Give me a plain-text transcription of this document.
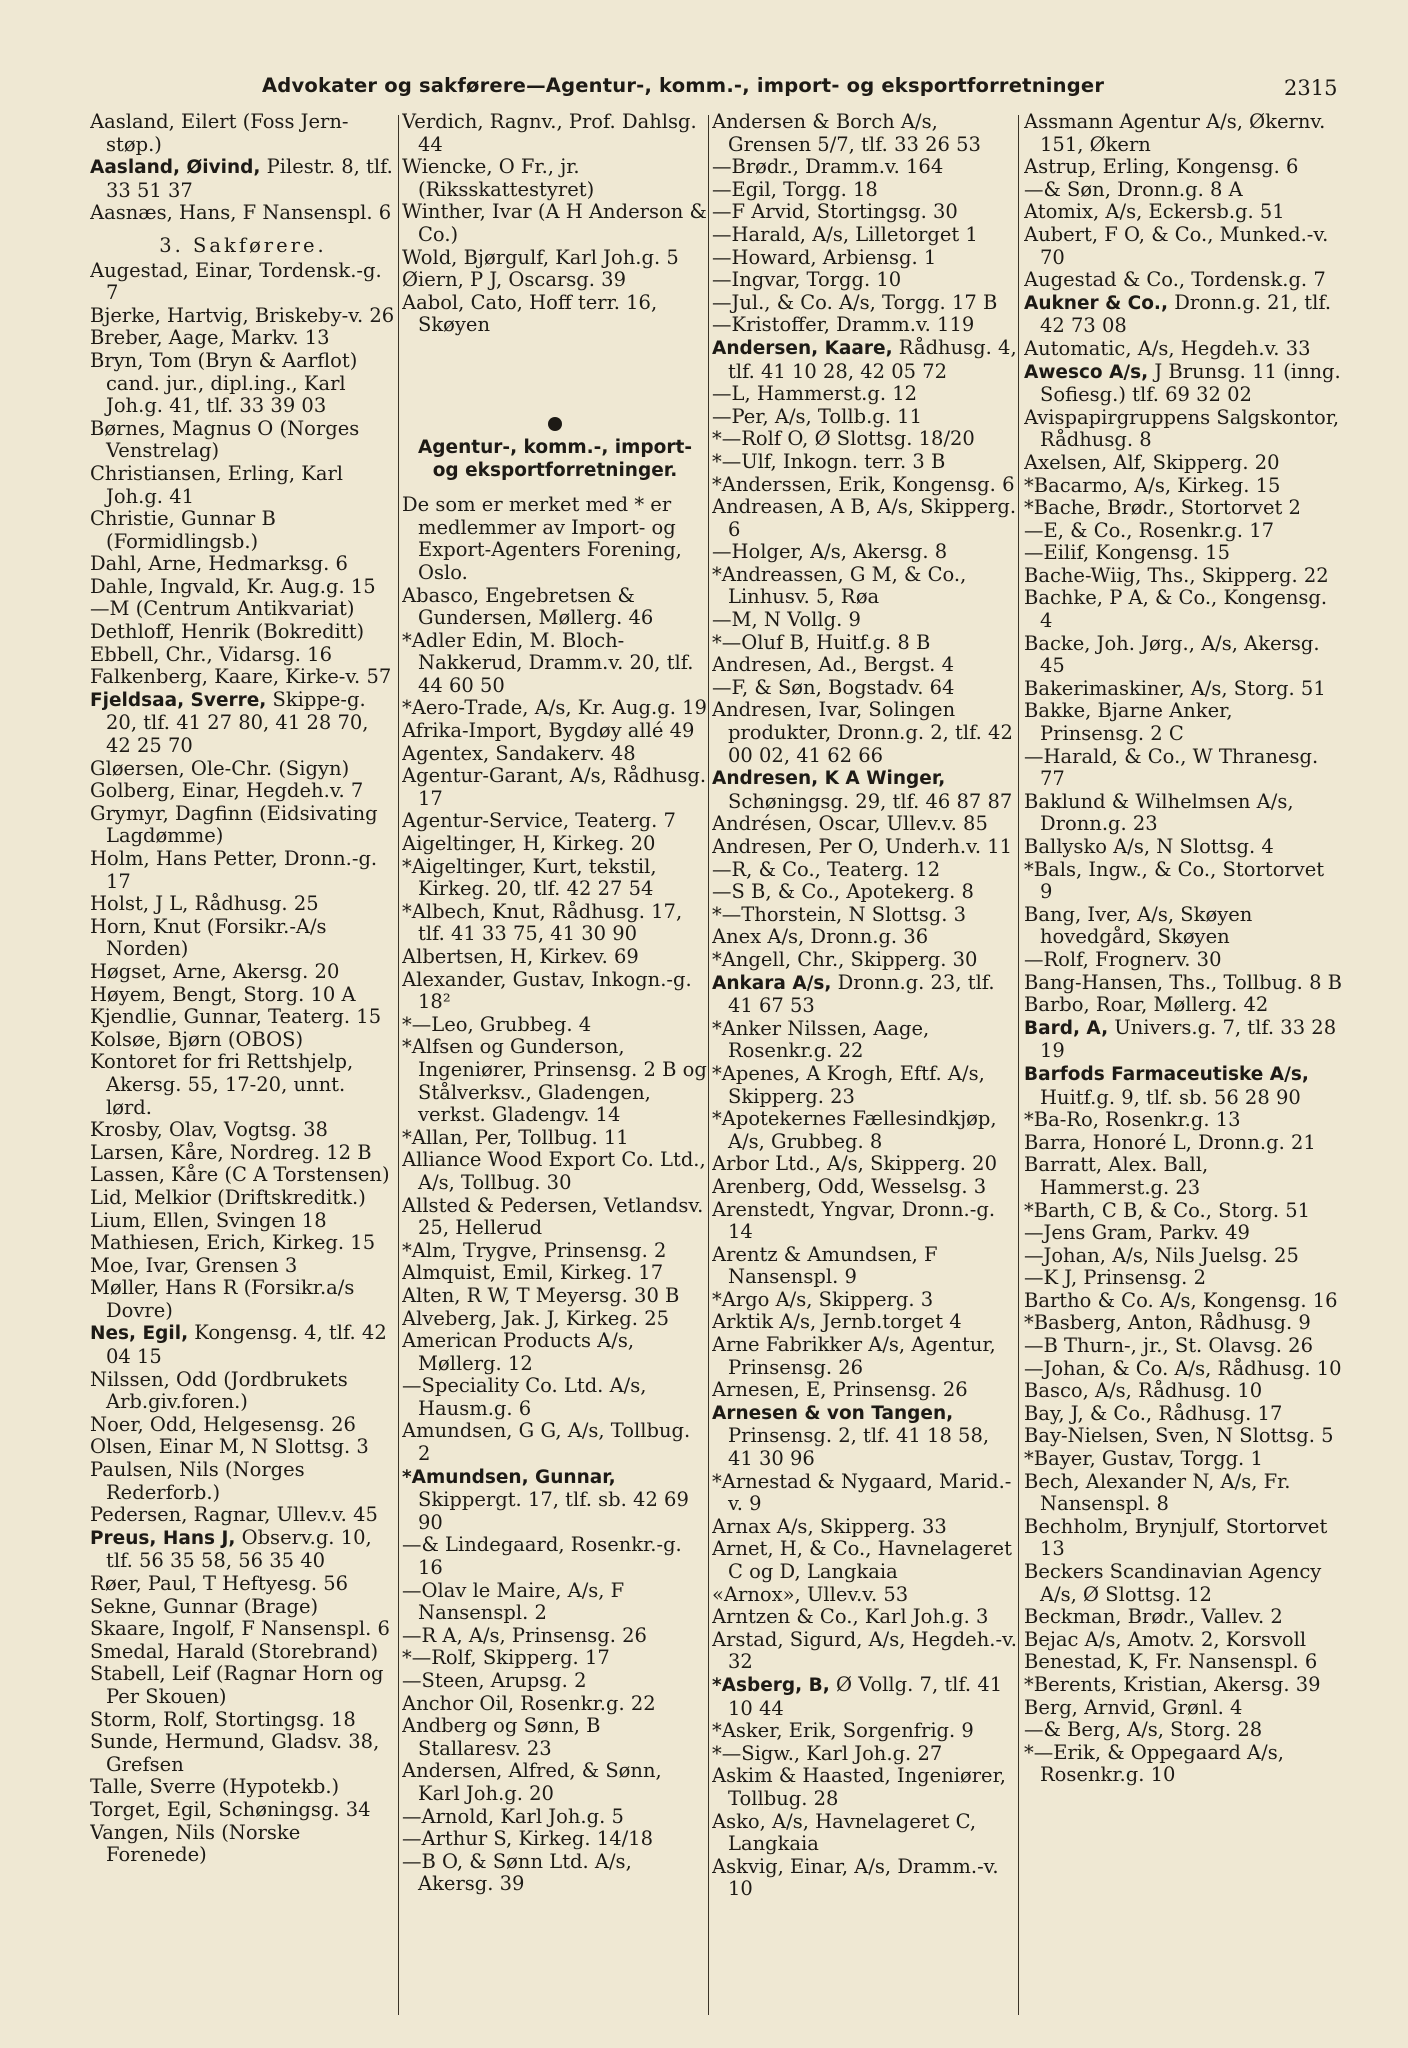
Advokater og sakførere—Agentur-, komm.-, import- og eksportforretninger	2315

Aasland, Eilert (Foss Jern-støp.)

Aasland, Øivind, Pilestr. 8, tlf. 33 51 37

Aasnæs, Hans, F Nansenspl. 6

3. Sakførere.

Augestad, Einar, Tordensk.-g. 7

Bjerke, Hartvig, Briskeby-v. 26

Breber, Aage, Markv. 13

Bryn, Tom (Bryn & Aarflot) cand. jur., dipl.ing., Karl Joh.g. 41, tlf. 33 39 03

Børnes, Magnus O (Norges Venstrelag)

Christiansen, Erling, Karl Joh.g. 41

Christie, Gunnar B (Formidlingsb.)

Dahl, Arne, Hedmarksg. 6

Dahle, Ingvald, Kr. Aug.g. 15

—M (Centrum Antikvariat)

Dethloff, Henrik (Bokreditt)

Ebbell, Chr., Vidarsg. 16

Falkenberg, Kaare, Kirke-v. 57

Fjeldsaa, Sverre, Skippe-g. 20, tlf. 41 27 80, 41 28 70, 42 25 70

Gløersen, Ole-Chr. (Sigyn)

Golberg, Einar, Hegdeh.v. 7

Grymyr, Dagfinn (Eidsivating Lagdømme)

Holm, Hans Petter, Dronn.-g. 17

Holst, J L, Rådhusg. 25

Horn, Knut (Forsikr.-A/s Norden)

Høgset, Arne, Akersg. 20

Høyem, Bengt, Storg. 10 A

Kjendlie, Gunnar, Teaterg. 15

Kolsøe, Bjørn (OBOS)

Kontoret for fri Rettshjelp, Akersg. 55, 17-20, unnt. lørd.

Krosby, Olav, Vogtsg. 38

Larsen, Kåre, Nordreg. 12 B

Lassen, Kåre (C A Torstensen)

Lid, Melkior (Driftskreditk.)

Lium, Ellen, Svingen 18

Mathiesen, Erich, Kirkeg. 15

Moe, Ivar, Grensen 3

Møller, Hans R (Forsikr.a/s Dovre)

Nes, Egil, Kongensg. 4, tlf. 42 04 15

Nilssen, Odd (Jordbrukets Arb.giv.foren.)

Noer, Odd, Helgesensg. 26

Olsen, Einar M, N Slottsg. 3

Paulsen, Nils (Norges Rederforb.)

Pedersen, Ragnar, Ullev.v. 45

Preus, Hans J, Observ.g. 10, tlf. 56 35 58, 56 35 40

Røer, Paul, T Heftyesg. 56

Sekne, Gunnar (Brage)

Skaare, Ingolf, F Nansenspl. 6

Smedal, Harald (Storebrand)

Stabell, Leif (Ragnar Horn og Per Skouen)

Storm, Rolf, Stortingsg. 18

Sunde, Hermund, Gladsv. 38, Grefsen

Talle, Sverre (Hypotekb.)

Torget, Egil, Schøningsg. 34

Vangen, Nils (Norske Forenede)

Verdich, Ragnv., Prof. Dahlsg. 44

Wiencke, O Fr., jr. (Riksskattestyret)

Winther, Ivar (A H Anderson & Co.)

Wold, Bjørgulf, Karl Joh.g. 5

Øiern, P J, Oscarsg. 39

Aabol, Cato, Hoff terr. 16, Skøyen

Agentur-, komm.-, import- og eksportforretninger.

De som er merket med * er medlemmer av Import- og Export-Agenters Forening, Oslo.

Abasco, Engebretsen & Gundersen, Møllerg. 46

*Adler Edin, M. Bloch-Nakkerud, Dramm.v. 20, tlf. 44 60 50

*Aero-Trade, A/s, Kr. Aug.g. 19

Afrika-Import, Bygdøy allé 49

Agentex, Sandakerv. 48

Agentur-Garant, A/s, Rådhusg. 17

Agentur-Service, Teaterg. 7

Aigeltinger, H, Kirkeg. 20

*Aigeltinger, Kurt, tekstil, Kirkeg. 20, tlf. 42 27 54

*Albech, Knut, Rådhusg. 17, tlf. 41 33 75, 41 30 90

Albertsen, H, Kirkev. 69

Alexander, Gustav, Inkogn.-g. 18²

*—Leo, Grubbeg. 4

*Alfsen og Gunderson, Ingeniører, Prinsensg. 2 B og Stålverksv., Gladengen, verkst. Gladengv. 14

*Allan, Per, Tollbug. 11

Alliance Wood Export Co. Ltd., A/s, Tollbug. 30

Allsted & Pedersen, Vetlandsv. 25, Hellerud

*Alm, Trygve, Prinsensg. 2

Almquist, Emil, Kirkeg. 17

Alten, R W, T Meyersg. 30 B

Alveberg, Jak. J, Kirkeg. 25

American Products A/s, Møllerg. 12

—Speciality Co. Ltd. A/s, Hausm.g. 6

Amundsen, G G, A/s, Tollbug. 2

*Amundsen, Gunnar, Skippergt. 17, tlf. sb. 42 69 90

—& Lindegaard, Rosenkr.-g. 16

—Olav le Maire, A/s, F Nansenspl. 2

—R A, A/s, Prinsensg. 26

*—Rolf, Skipperg. 17

—Steen, Arupsg. 2

Anchor Oil, Rosenkr.g. 22

Andberg og Sønn, B Stallaresv. 23

Andersen, Alfred, & Sønn, Karl Joh.g. 20

—Arnold, Karl Joh.g. 5

—Arthur S, Kirkeg. 14/18

—B O, & Sønn Ltd. A/s, Akersg. 39

Andersen & Borch A/s, Grensen 5/7, tlf. 33 26 53

—Brødr., Dramm.v. 164

—Egil, Torgg. 18

—F Arvid, Stortingsg. 30

—Harald, A/s, Lilletorget 1

—Howard, Arbiensg. 1

—Ingvar, Torgg. 10

—Jul., & Co. A/s, Torgg. 17 B

—Kristoffer, Dramm.v. 119

Andersen, Kaare, Rådhusg. 4, tlf. 41 10 28, 42 05 72

—L, Hammerst.g. 12

—Per, A/s, Tollb.g. 11

*—Rolf O, Ø Slottsg. 18/20

*—Ulf, Inkogn. terr. 3 B

*Anderssen, Erik, Kongensg. 6

Andreasen, A B, A/s, Skipperg. 6

—Holger, A/s, Akersg. 8

*Andreassen, G M, & Co., Linhusv. 5, Røa

—M, N Vollg. 9

*—Oluf B, Huitf.g. 8 B

Andresen, Ad., Bergst. 4

—F, & Søn, Bogstadv. 64

Andresen, Ivar, Solingen produkter, Dronn.g. 2, tlf. 42 00 02, 41 62 66

Andresen, K A Winger, Schøningsg. 29, tlf. 46 87 87

Andrésen, Oscar, Ullev.v. 85

Andresen, Per O, Underh.v. 11

—R, & Co., Teaterg. 12

—S B, & Co., Apotekerg. 8

*—Thorstein, N Slottsg. 3

Anex A/s, Dronn.g. 36

*Angell, Chr., Skipperg. 30

Ankara A/s, Dronn.g. 23, tlf. 41 67 53

*Anker Nilssen, Aage, Rosenkr.g. 22

*Apenes, A Krogh, Eftf. A/s, Skipperg. 23

*Apotekernes Fællesindkjøp, A/s, Grubbeg. 8

Arbor Ltd., A/s, Skipperg. 20

Arenberg, Odd, Wesselsg. 3

Arenstedt, Yngvar, Dronn.-g. 14

Arentz & Amundsen, F Nansenspl. 9

*Argo A/s, Skipperg. 3

Arktik A/s, Jernb.torget 4

Arne Fabrikker A/s, Agentur, Prinsensg. 26

Arnesen, E, Prinsensg. 26

Arnesen & von Tangen, Prinsensg. 2, tlf. 41 18 58, 41 30 96

*Arnestad & Nygaard, Marid.-v. 9

Arnax A/s, Skipperg. 33

Arnet, H, & Co., Havnelageret C og D, Langkaia

«Arnox», Ullev.v. 53

Arntzen & Co., Karl Joh.g. 3

Arstad, Sigurd, A/s, Hegdeh.-v. 32

*Asberg, B, Ø Vollg. 7, tlf. 41 10 44

*Asker, Erik, Sorgenfrig. 9

*—Sigw., Karl Joh.g. 27

Askim & Haasted, Ingeniører, Tollbug. 28

Asko, A/s, Havnelageret C, Langkaia

Askvig, Einar, A/s, Dramm.-v. 10

Assmann Agentur A/s, Økernv. 151, Økern

Astrup, Erling, Kongensg. 6

—& Søn, Dronn.g. 8 A

Atomix, A/s, Eckersb.g. 51

Aubert, F O, & Co., Munked.-v. 70

Augestad & Co., Tordensk.g. 7

Aukner & Co., Dronn.g. 21, tlf. 42 73 08

Automatic, A/s, Hegdeh.v. 33

Awesco A/s, J Brunsg. 11 (inng. Sofiesg.) tlf. 69 32 02

Avispapirgruppens Salgskontor, Rådhusg. 8

Axelsen, Alf, Skipperg. 20

*Bacarmo, A/s, Kirkeg. 15

*Bache, Brødr., Stortorvet 2

—E, & Co., Rosenkr.g. 17

—Eilif, Kongensg. 15

Bache-Wiig, Ths., Skipperg. 22

Bachke, P A, & Co., Kongensg. 4

Backe, Joh. Jørg., A/s, Akersg. 45

Bakerimaskiner, A/s, Storg. 51

Bakke, Bjarne Anker, Prinsensg. 2 C

—Harald, & Co., W Thranesg. 77

Baklund & Wilhelmsen A/s, Dronn.g. 23

Ballysko A/s, N Slottsg. 4

*Bals, Ingw., & Co., Stortorvet 9

Bang, Iver, A/s, Skøyen hovedgård, Skøyen

—Rolf, Frognerv. 30

Bang-Hansen, Ths., Tollbug. 8 B

Barbo, Roar, Møllerg. 42

Bard, A, Univers.g. 7, tlf. 33 28 19

Barfods Farmaceutiske A/s, Huitf.g. 9, tlf. sb. 56 28 90

*Ba-Ro, Rosenkr.g. 13

Barra, Honoré L, Dronn.g. 21

Barratt, Alex. Ball, Hammerst.g. 23

*Barth, C B, & Co., Storg. 51

—Jens Gram, Parkv. 49

—Johan, A/s, Nils Juelsg. 25

—K J, Prinsensg. 2

Bartho & Co. A/s, Kongensg. 16

*Basberg, Anton, Rådhusg. 9

—B Thurn-, jr., St. Olavsg. 26

—Johan, & Co. A/s, Rådhusg. 10

Basco, A/s, Rådhusg. 10

Bay, J, & Co., Rådhusg. 17

Bay-Nielsen, Sven, N Slottsg. 5

*Bayer, Gustav, Torgg. 1

Bech, Alexander N, A/s, Fr. Nansenspl. 8

Bechholm, Brynjulf, Stortorvet 13

Beckers Scandinavian Agency A/s, Ø Slottsg. 12

Beckman, Brødr., Vallev. 2

Bejac A/s, Amotv. 2, Korsvoll

Benestad, K, Fr. Nansenspl. 6

*Berents, Kristian, Akersg. 39

Berg, Arnvid, Grønl. 4

—& Berg, A/s, Storg. 28

*—Erik, & Oppegaard A/s, Rosenkr.g. 10
